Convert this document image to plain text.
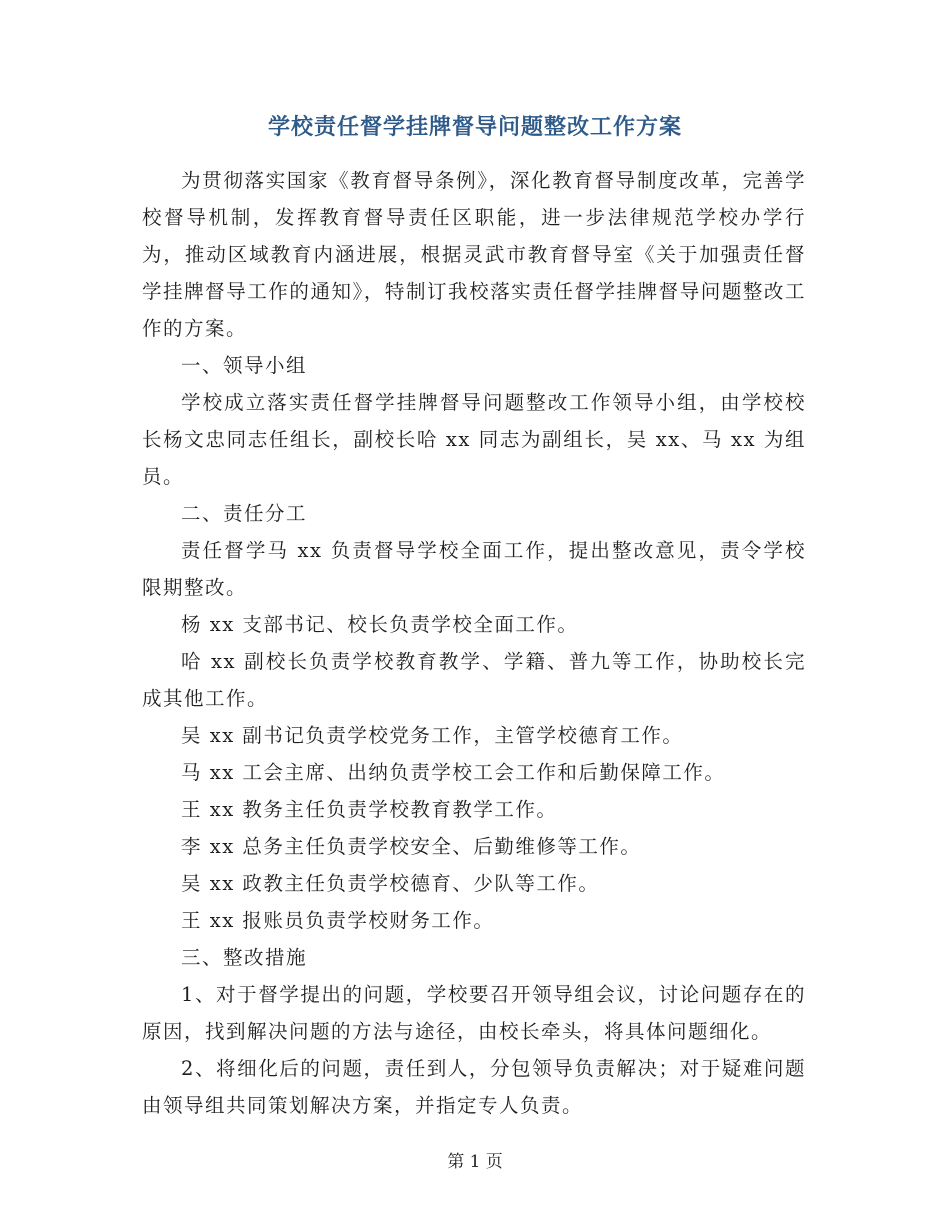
学校责任督学挂牌督导问题整改工作方案

为贯彻落实国家《教育督导条例》，深化教育督导制度改革，完善学校督导机制，发挥教育督导责任区职能，进一步法律规范学校办学行为，推动区域教育内涵进展，根据灵武市教育督导室《关于加强责任督学挂牌督导工作的通知》，特制订我校落实责任督学挂牌督导问题整改工作的方案。

一、领导小组

学校成立落实责任督学挂牌督导问题整改工作领导小组，由学校校长杨文忠同志任组长，副校长哈 xx 同志为副组长，吴 xx、马 xx 为组员。

二、责任分工

责任督学马 xx 负责督导学校全面工作，提出整改意见，责令学校限期整改。

杨 xx 支部书记、校长负责学校全面工作。

哈 xx 副校长负责学校教育教学、学籍、普九等工作，协助校长完成其他工作。

吴 xx 副书记负责学校党务工作，主管学校德育工作。

马 xx 工会主席、出纳负责学校工会工作和后勤保障工作。

王 xx 教务主任负责学校教育教学工作。

李 xx 总务主任负责学校安全、后勤维修等工作。

吴 xx 政教主任负责学校德育、少队等工作。

王 xx 报账员负责学校财务工作。

三、整改措施

1、对于督学提出的问题，学校要召开领导组会议，讨论问题存在的原因，找到解决问题的方法与途径，由校长牵头，将具体问题细化。

2、将细化后的问题，责任到人，分包领导负责解决；对于疑难问题由领导组共同策划解决方案，并指定专人负责。

第 1 页
